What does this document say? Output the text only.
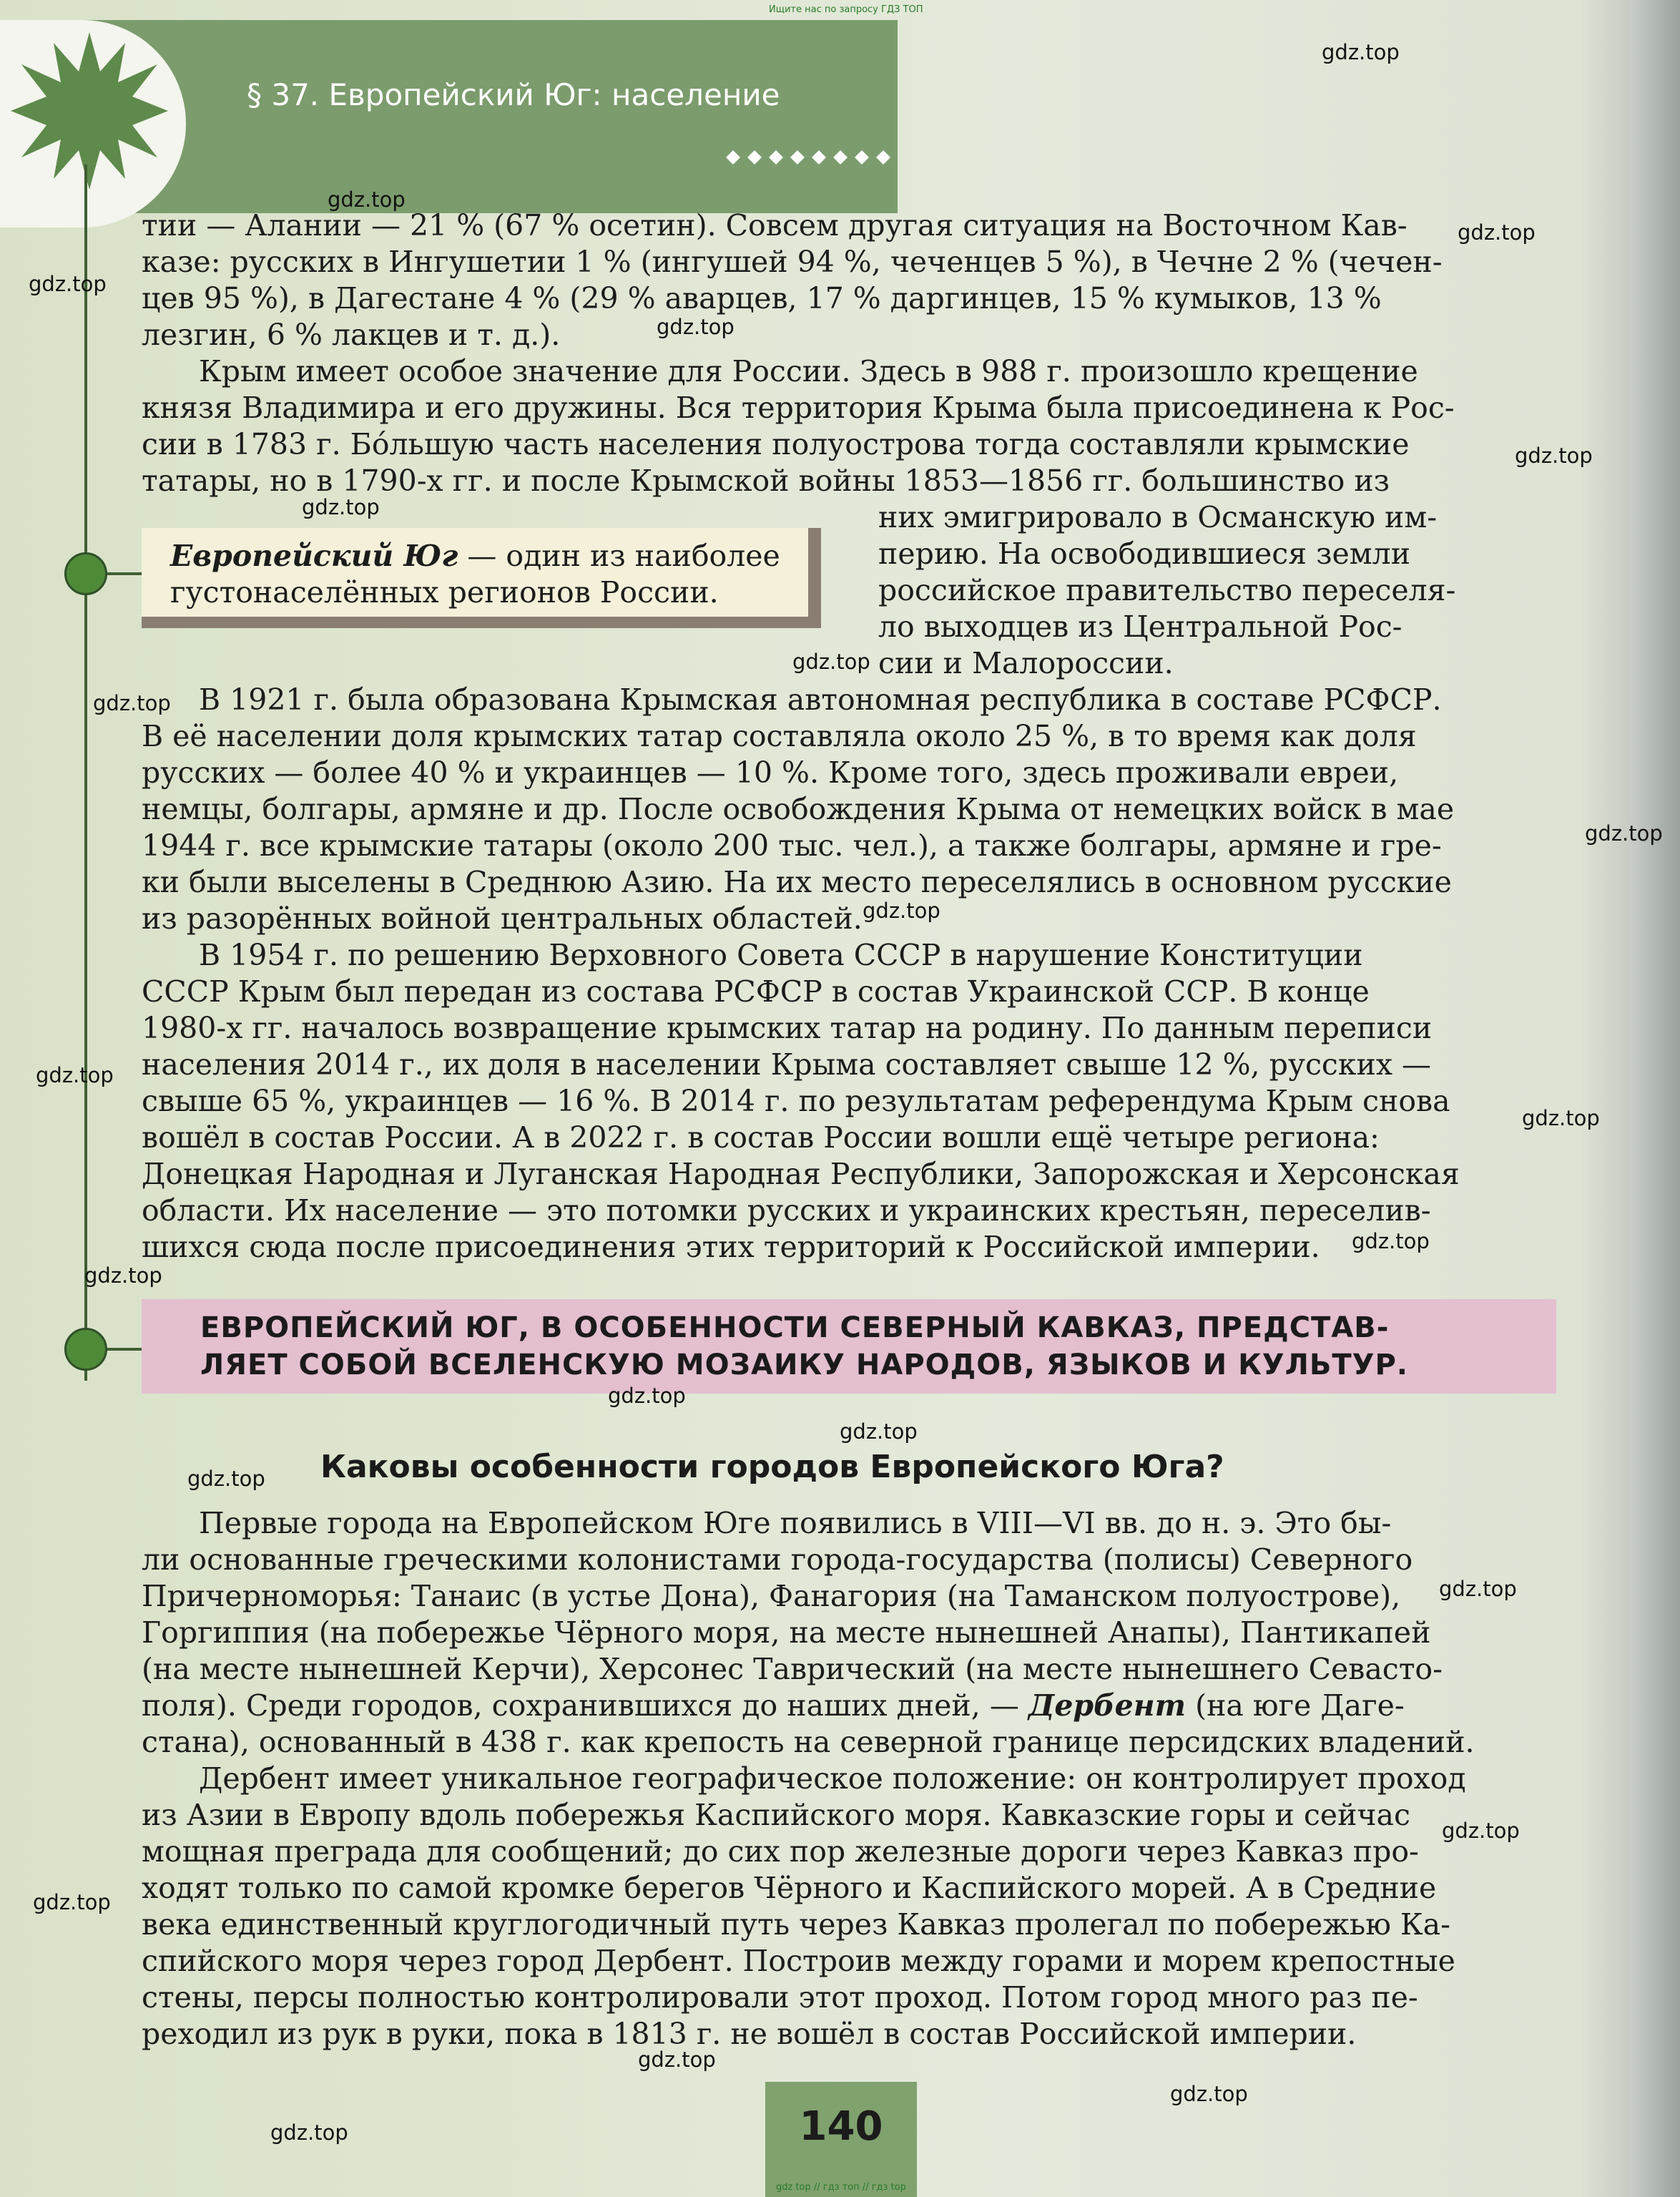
Ищите нас по запросу ГДЗ ТОП
§ 37. Европейский Юг: население

тии — Алании — 21 % (67 % осетин). Совсем другая ситуация на Восточном Кав-

казе: русских в Ингушетии 1 % (ингушей 94 %, чеченцев 5 %), в Чечне 2 % (чечен-

цев 95 %), в Дагестане 4 % (29 % аварцев, 17 % даргинцев, 15 % кумыков, 13 %

лезгин, 6 % лакцев и т. д.).

Крым имеет особое значение для России. Здесь в 988 г. произошло крещение

князя Владимира и его дружины. Вся территория Крыма была присоединена к Рос-

сии в 1783 г. Бо́льшую часть населения полуострова тогда составляли крымские

татары, но в 1790-х гг. и после Крымской войны 1853—1856 гг. большинство из

них эмигрировало в Османскую им-

перию. На освободившиеся земли

российское правительство переселя-

ло выходцев из Центральной Рос-

сии и Малороссии.

Европейский Юг — один из наиболее
густонаселённых регионов России.

В 1921 г. была образована Крымская автономная республика в составе РСФСР.

В её населении доля крымских татар составляла около 25 %, в то время как доля

русских — более 40 % и украинцев — 10 %. Кроме того, здесь проживали евреи,

немцы, болгары, армяне и др. После освобождения Крыма от немецких войск в мае

1944 г. все крымские татары (около 200 тыс. чел.), а также болгары, армяне и гре-

ки были выселены в Среднюю Азию. На их место переселялись в основном русские

из разорённых войной центральных областей.

В 1954 г. по решению Верховного Совета СССР в нарушение Конституции

СССР Крым был передан из состава РСФСР в состав Украинской ССР. В конце

1980-х гг. началось возвращение крымских татар на родину. По данным переписи

населения 2014 г., их доля в населении Крыма составляет свыше 12 %, русских —

свыше 65 %, украинцев — 16 %. В 2014 г. по результатам референдума Крым снова

вошёл в состав России. А в 2022 г. в состав России вошли ещё четыре региона:

Донецкая Народная и Луганская Народная Республики, Запорожская и Херсонская

области. Их население — это потомки русских и украинских крестьян, переселив-

шихся сюда после присоединения этих территорий к Российской империи.

ЕВРОПЕЙСКИЙ ЮГ, В ОСОБЕННОСТИ СЕВЕРНЫЙ КАВКАЗ, ПРЕДСТАВ-
ЛЯЕТ СОБОЙ ВСЕЛЕНСКУЮ МОЗАИКУ НАРОДОВ, ЯЗЫКОВ И КУЛЬТУР.
Каковы особенности городов Европейского Юга?

Первые города на Европейском Юге появились в VIII—VI вв. до н. э. Это бы-

ли основанные греческими колонистами города-государства (полисы) Северного

Причерноморья: Танаис (в устье Дона), Фанагория (на Таманском полуострове),

Горгиппия (на побережье Чёрного моря, на месте нынешней Анапы), Пантикапей

(на месте нынешней Керчи), Херсонес Таврический (на месте нынешнего Севасто-

поля). Среди городов, сохранившихся до наших дней, — Дербент (на юге Даге-

стана), основанный в 438 г. как крепость на северной границе персидских владений.

Дербент имеет уникальное географическое положение: он контролирует проход

из Азии в Европу вдоль побережья Каспийского моря. Кавказские горы и сейчас

мощная преграда для сообщений; до сих пор железные дороги через Кавказ про-

ходят только по самой кромке берегов Чёрного и Каспийского морей. А в Средние

века единственный круглогодичный путь через Кавказ пролегал по побережью Ка-

спийского моря через город Дербент. Построив между горами и морем крепостные

стены, персы полностью контролировали этот проход. Потом город много раз пе-

реходил из рук в руки, пока в 1813 г. не вошёл в состав Российской империи.

140
gdz top // гдз топ // гдз top
gdz.top
gdz.top
gdz.top
gdz.top
gdz.top
gdz.top
gdz.top
gdz.top
gdz.top
gdz.top
gdz.top
gdz.top
gdz.top
gdz.top
gdz.top
gdz.top
gdz.top
gdz.top
gdz.top
gdz.top
gdz.top
gdz.top
gdz.top
gdz.top
